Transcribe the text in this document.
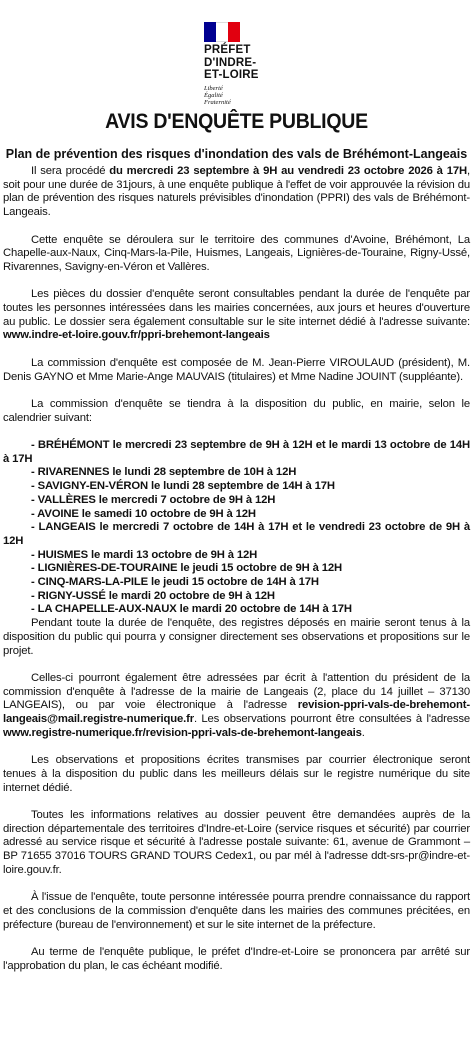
PRÉFET
D'INDRE-
ET-LOIRE
Liberté
Égalité
Fraternité
AVIS D'ENQUÊTE PUBLIQUE
Plan de prévention des risques d'inondation des vals de Bréhémont-Langeais

Il sera procédé du mercredi 23 septembre à 9H au vendredi 23 octobre 2026 à 17H, soit pour une durée de 31jours, à une enquête publique à l'effet de voir approuvée la révision du plan de prévention des risques naturels prévisibles d'inondation (PPRI) des vals de Bréhémont-Langeais.

Cette enquête se déroulera sur le territoire des communes d'Avoine, Bréhémont, La Chapelle-aux-Naux, Cinq-Mars-la-Pile, Huismes, Langeais, Lignières-de-Touraine, Rigny-Ussé, Rivarennes, Savigny-en-Véron et Vallères.

Les pièces du dossier d'enquête seront consultables pendant la durée de l'enquête par toutes les personnes intéressées dans les mairies concernées, aux jours et heures d'ouverture au public. Le dossier sera également consultable sur le site internet dédié à l'adresse suivante: www.indre-et-loire.gouv.fr/ppri-brehemont-langeais

La commission d'enquête est composée de M. Jean-Pierre VIROULAUD (président), M. Denis GAYNO et Mme Marie-Ange MAUVAIS (titulaires) et Mme Nadine JOUINT (suppléante).

La commission d'enquête se tiendra à la disposition du public, en mairie, selon le calendrier suivant:

- BRÉHÉMONT le mercredi 23 septembre de 9H à 12H et le mardi 13 octobre de 14H à 17H
- RIVARENNES le lundi 28 septembre de 10H à 12H
- SAVIGNY-EN-VÉRON le lundi 28 septembre de 14H à 17H
- VALLÈRES le mercredi 7 octobre de 9H à 12H
- AVOINE le samedi 10 octobre de 9H à 12H
- LANGEAIS le mercredi 7 octobre de 14H à 17H et le vendredi 23 octobre de 9H à 12H
- HUISMES le mardi 13 octobre de 9H à 12H
- LIGNIÈRES-DE-TOURAINE le jeudi 15 octobre de 9H à 12H
- CINQ-MARS-LA-PILE le jeudi 15 octobre de 14H à 17H
- RIGNY-USSÉ le mardi 20 octobre de 9H à 12H
- LA CHAPELLE-AUX-NAUX le mardi 20 octobre de 14H à 17H

Pendant toute la durée de l'enquête, des registres déposés en mairie seront tenus à la disposition du public qui pourra y consigner directement ses observations et propositions sur le projet.

Celles-ci pourront également être adressées par écrit à l'attention du président de la commission d'enquête à l'adresse de la mairie de Langeais (2, place du 14 juillet – 37130 LANGEAIS), ou par voie électronique à l'adresse revision-ppri-vals-de-brehemont-langeais@mail.registre-numerique.fr. Les observations pourront être consultées à l'adresse www.registre-numerique.fr/revision-ppri-vals-de-brehemont-langeais.

Les observations et propositions écrites transmises par courrier électronique seront tenues à la disposition du public dans les meilleurs délais sur le registre numérique du site internet dédié.

Toutes les informations relatives au dossier peuvent être demandées auprès de la direction départementale des territoires d'Indre-et-Loire (service risques et sécurité) par courrier adressé au service risque et sécurité à l'adresse postale suivante: 61, avenue de Grammont – BP 71655 37016 TOURS GRAND TOURS Cedex1, ou par mél à l'adresse ddt-srs-pr@indre-et-loire.gouv.fr.

À l'issue de l'enquête, toute personne intéressée pourra prendre connaissance du rapport et des conclusions de la commission d'enquête dans les mairies des communes précitées, en préfecture (bureau de l'environnement) et sur le site internet de la préfecture.

Au terme de l'enquête publique, le préfet d'Indre-et-Loire se prononcera par arrêté sur l'approbation du plan, le cas échéant modifié.
